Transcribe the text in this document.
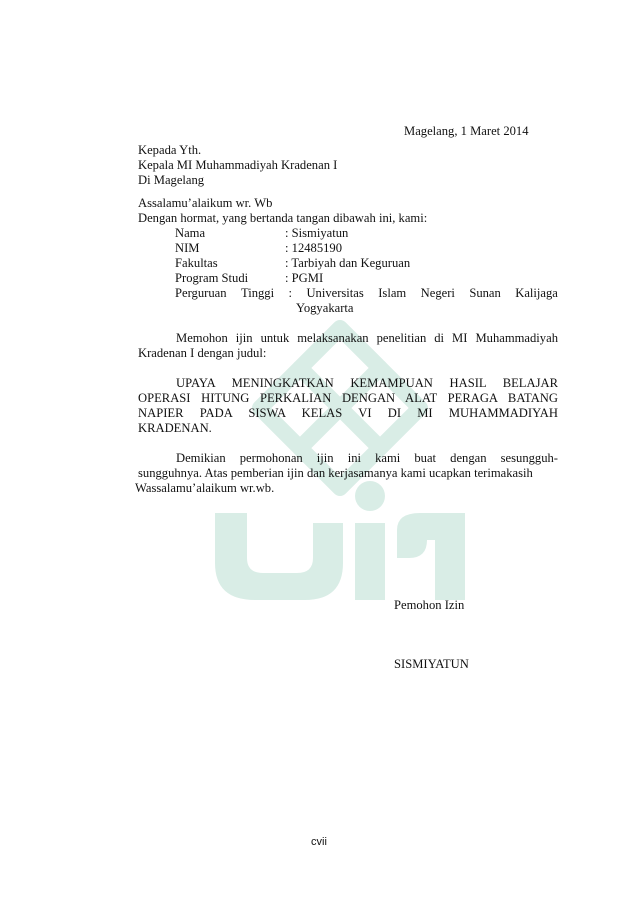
Magelang, 1 Maret 2014
Kepada Yth.
Kepala MI Muhammadiyah Kradenan I
Di Magelang
Assalamu’alaikum wr. Wb
Dengan hormat, yang bertanda tangan dibawah ini, kami:
Nama	: Sismiyatun
NIM	: 12485190
Fakultas	: Tarbiyah dan Keguruan
Program Studi	: PGMI
Perguruan Tinggi : Universitas Islam Negeri Sunan Kalijaga
Yogyakarta
Memohon ijin untuk melaksanakan penelitian di MI Muhammadiyah
Kradenan I dengan judul:
UPAYA MENINGKATKAN KEMAMPUAN HASIL BELAJAR
OPERASI HITUNG PERKALIAN DENGAN ALAT PERAGA BATANG
NAPIER PADA SISWA KELAS VI DI MI MUHAMMADIYAH
KRADENAN.
Demikian permohonan ijin ini kami buat dengan sesungguh-
sungguhnya. Atas pemberian ijin dan kerjasamanya kami ucapkan terimakasih
Wassalamu’alaikum wr.wb.
Pemohon Izin
SISMIYATUN
cvii
